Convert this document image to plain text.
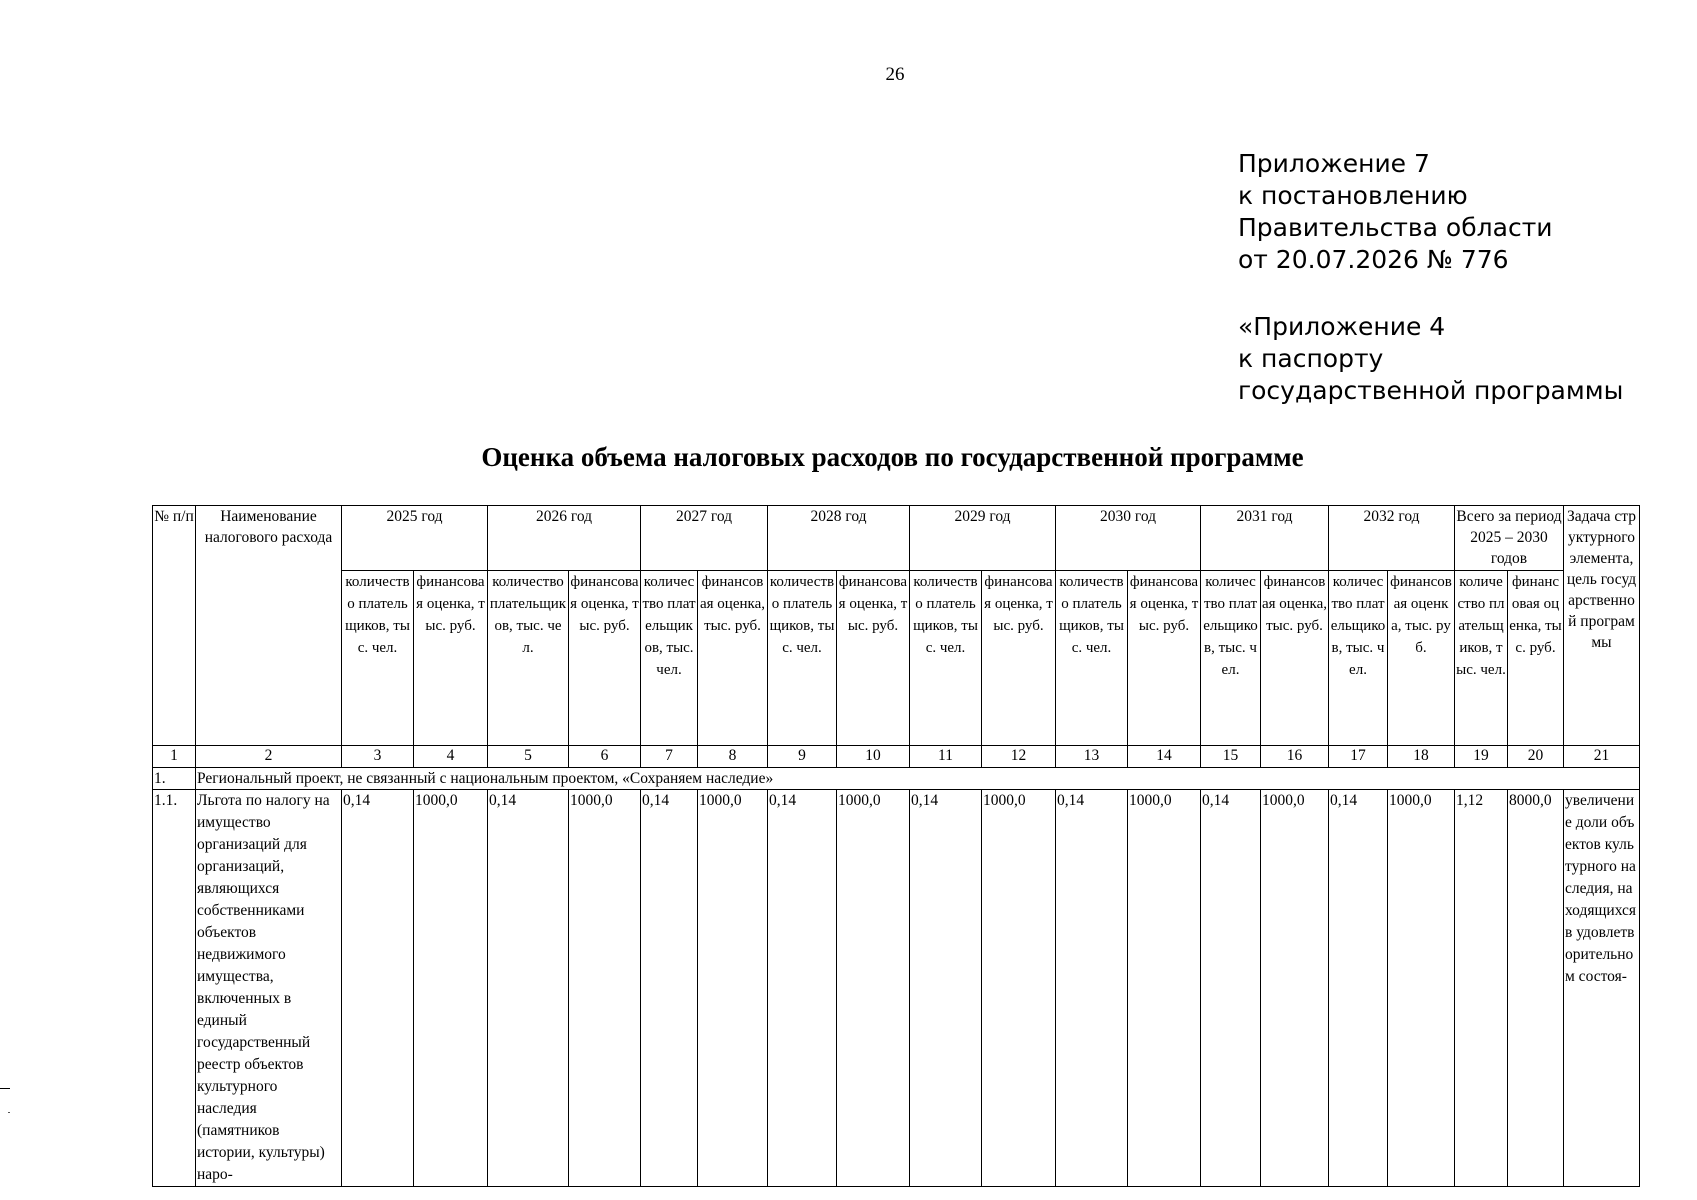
26
Приложение 7
к постановлению
Правительства области
от 20.07.2026 № 776
«Приложение 4
к паспорту
государственной программы
Оценка объема налоговых расходов по государственной программе
№ п/п	Наименование налогового расхода	2025 год		2026 год		2027 год		2028 год		2029 год		2030 год		2031 год		2032 год		Всего за период 2025 – 2030 годов		Задача структурного элемента, цель государственной программы
		количество плательщиков, тыс. чел.	финансовая оценка, тыс. руб.	количество плательщиков, тыс. чел.	финансовая оценка, тыс. руб.	количество плательщиков, тыс. чел.	финансовая оценка, тыс. руб.	количество плательщиков, тыс. чел.	финансовая оценка, тыс. руб.	количество плательщиков, тыс. чел.	финансовая оценка, тыс. руб.	количество плательщиков, тыс. чел.	финансовая оценка, тыс. руб.	количество плательщиков, тыс. чел.	финансовая оценка, тыс. руб.	количество плательщиков, тыс. чел.	финансовая оценка, тыс. руб.	количество плательщиков, тыс. чел.	финансовая оценка, тыс. руб.	
1	2	3	4	5	6	7	8	9	10	11	12	13	14	15	16	17	18	19	20	21
1.	Региональный проект, не связанный с национальным проектом, «Сохраняем наследие»																			
1.1.	Льгота по налогу на имущество организаций для организаций, являющихся собственниками объектов недвижимого имущества, включенных в единый государственный реестр объектов культурного наследия (памятников истории, культуры) наро-	0,14	1000,0	0,14	1000,0	0,14	1000,0	0,14	1000,0	0,14	1000,0	0,14	1000,0	0,14	1000,0	0,14	1000,0	1,12	8000,0	увеличение доли объектов культурного наследия, находящихся в удовлетворительном состоя-
